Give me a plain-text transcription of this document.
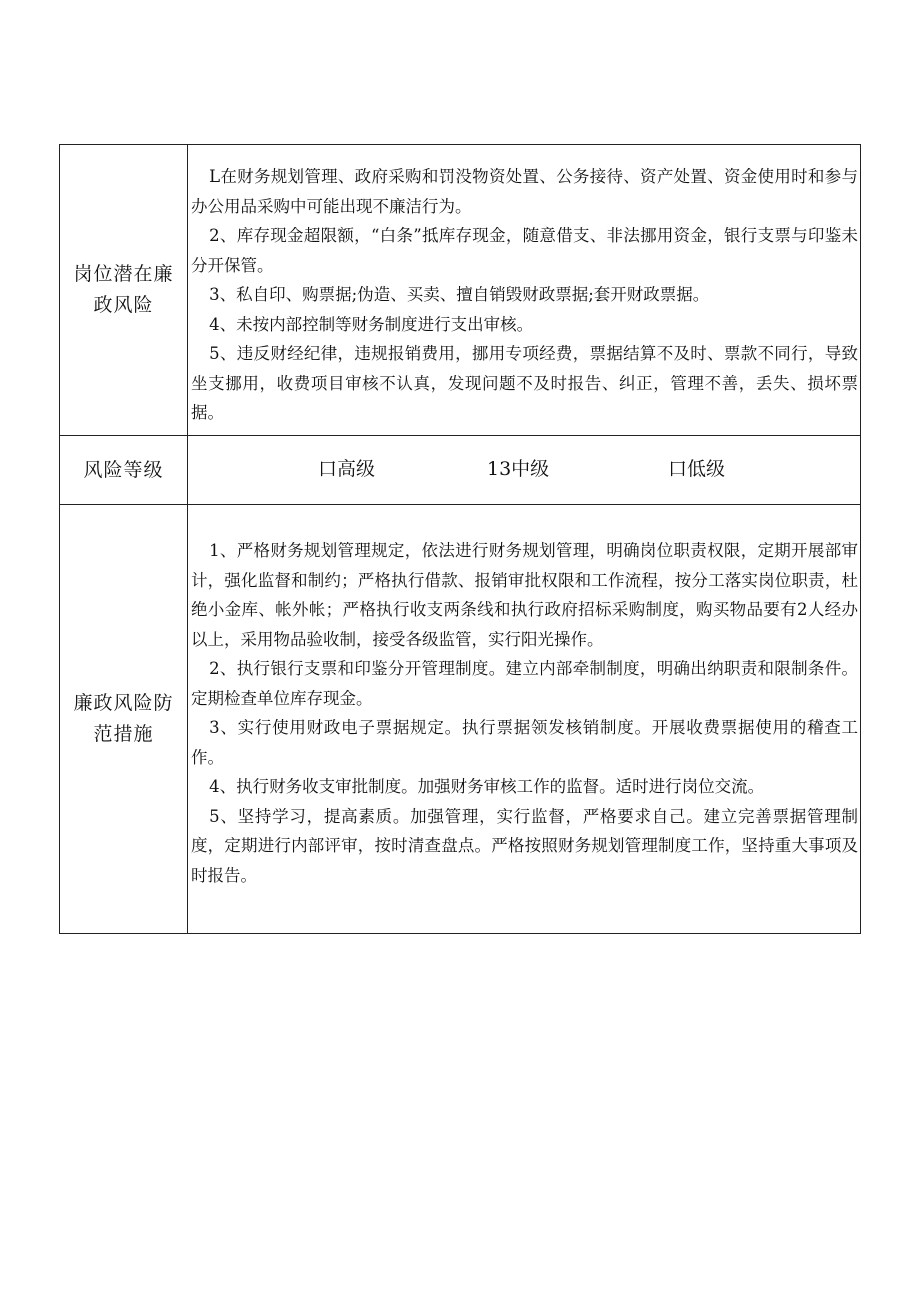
岗位潜在廉政风险	L在财务规划管理、政府采购和罚没物资处置、公务接待、资产处置、资金使用时和参与办公用品采购中可能出现不廉洁行为。

2、库存现金超限额，“白条”抵库存现金，随意借支、非法挪用资金，银行支票与印鉴未分开保管。

3、私自印、购票据;伪造、买卖、擅自销毁财政票据;套开财政票据。

4、未按内部控制等财务制度进行支出审核。

5、违反财经纪律，违规报销费用，挪用专项经费，票据结算不及时、票款不同行，导致坐支挪用，收费项目审核不认真，发现问题不及时报告、纠正，管理不善，丢失、损坏票据。

风险等级	口高级 13中级 口低级

廉政风险防范措施	1、严格财务规划管理规定，依法进行财务规划管理，明确岗位职责权限，定期开展部审计，强化监督和制约；严格执行借款、报销审批权限和工作流程，按分工落实岗位职责，杜绝小金库、帐外帐；严格执行收支两条线和执行政府招标采购制度，购买物品要有2人经办以上，采用物品验收制，接受各级监管，实行阳光操作。

2、执行银行支票和印鉴分开管理制度。建立内部牵制制度，明确出纳职责和限制条件。定期检查单位库存现金。

3、实行使用财政电子票据规定。执行票据领发核销制度。开展收费票据使用的稽查工作。

4、执行财务收支审批制度。加强财务审核工作的监督。适时进行岗位交流。

5、坚持学习，提高素质。加强管理，实行监督，严格要求自己。建立完善票据管理制度，定期进行内部评审，按时清查盘点。严格按照财务规划管理制度工作，坚持重大事项及时报告。
